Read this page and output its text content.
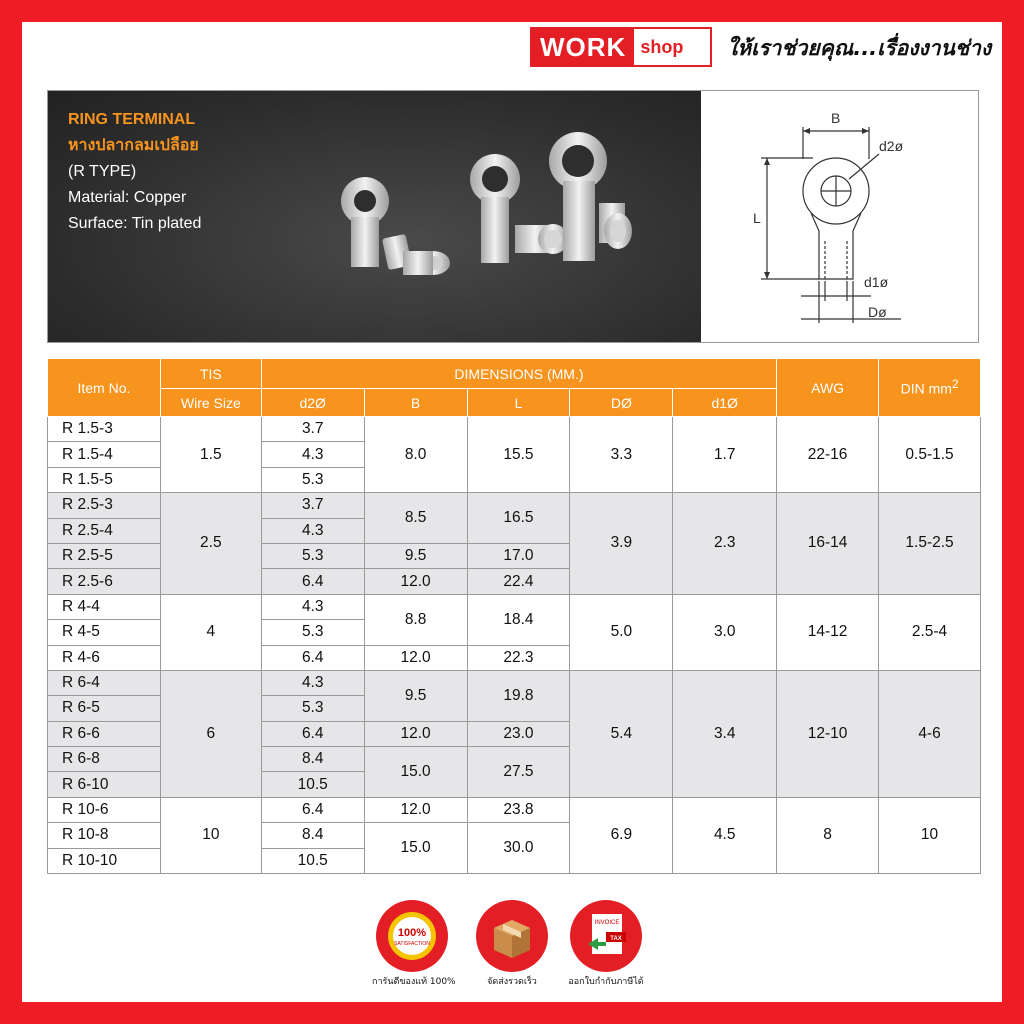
WORK shop ให้เราช่วยคุณ...เรื่องงานช่าง
RING TERMINAL
หางปลากลมเปลือย
(R TYPE)
Material: Copper
Surface: Tin plated
B
d2ø
L
d1ø
Dø
Item No.	TIS	DIMENSIONS (MM.)					AWG	DIN $mm^2$
	Wire Size	d2Ø	B	L	DØ	d1Ø		
R 1.5-3	1.5	3.7	8.0	15.5	3.3	1.7	22-16	0.5-1.5
R 1.5-4		4.3						
R 1.5-5		5.3						
R 2.5-3	2.5	3.7	8.5	16.5	3.9	2.3	16-14	1.5-2.5
R 2.5-4		4.3						
R 2.5-5		5.3	9.5	17.0				
R 2.5-6		6.4	12.0	22.4				
R 4-4	4	4.3	8.8	18.4	5.0	3.0	14-12	2.5-4
R 4-5		5.3						
R 4-6		6.4	12.0	22.3				
R 6-4	6	4.3	9.5	19.8	5.4	3.4	12-10	4-6
R 6-5		5.3						
R 6-6		6.4	12.0	23.0				
R 6-8		8.4	15.0	27.5				
R 6-10		10.5						
R 10-6	10	6.4	12.0	23.8	6.9	4.5	8	10
R 10-8		8.4	15.0	30.0				
R 10-10		10.5						
100%
SATISFACTION
การันตีของแท้ 100%	จัดส่งรวดเร็ว
INVOICE
TAX
ออกใบกำกับภาษีได้
